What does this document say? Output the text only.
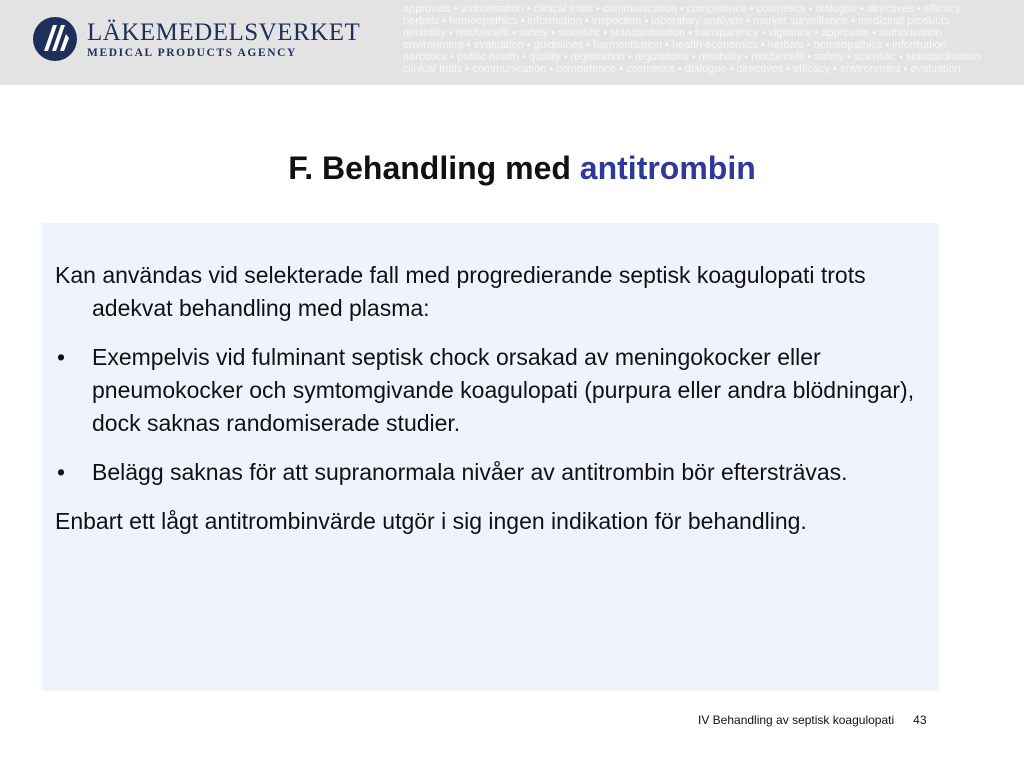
LÄKEMEDELSVERKET
MEDICAL PRODUCTS AGENCY
approvals • authorisation • clinical trials • communication • competence • cosmetics • dialogue • directives • efficacy
herbals • homeopathics • information • inspection • laboratory analysis • market surveillance • medicinal products
reliability • risk/benefit • safety • scientific • standardisation • transparency • vigilance • approvals • authorisation
environment • evaluation • guidelines • harmonisation • health economics • herbals • homeopathics • information
narcotics • public health • quality • registration • regulations • reliability • risk/benefit • safety • scientific • standardisation
clinical trials • communication • competence • cosmetics • dialogue • directives • efficacy • environment • evaluation
F. Behandling med antitrombin
Kan användas vid selekterade fall med progredierande septisk koagulopati trots adekvat behandling med plasma:
• Exempelvis vid fulminant septisk chock orsakad av meningokocker eller pneumokocker och symtomgivande koagulopati (purpura eller andra blödningar), dock saknas randomiserade studier.
• Belägg saknas för att supranormala nivåer av antitrombin bör eftersträvas.
Enbart ett lågt antitrombinvärde utgör i sig ingen indikation för behandling.
IV Behandling av septisk koagulopati 43
